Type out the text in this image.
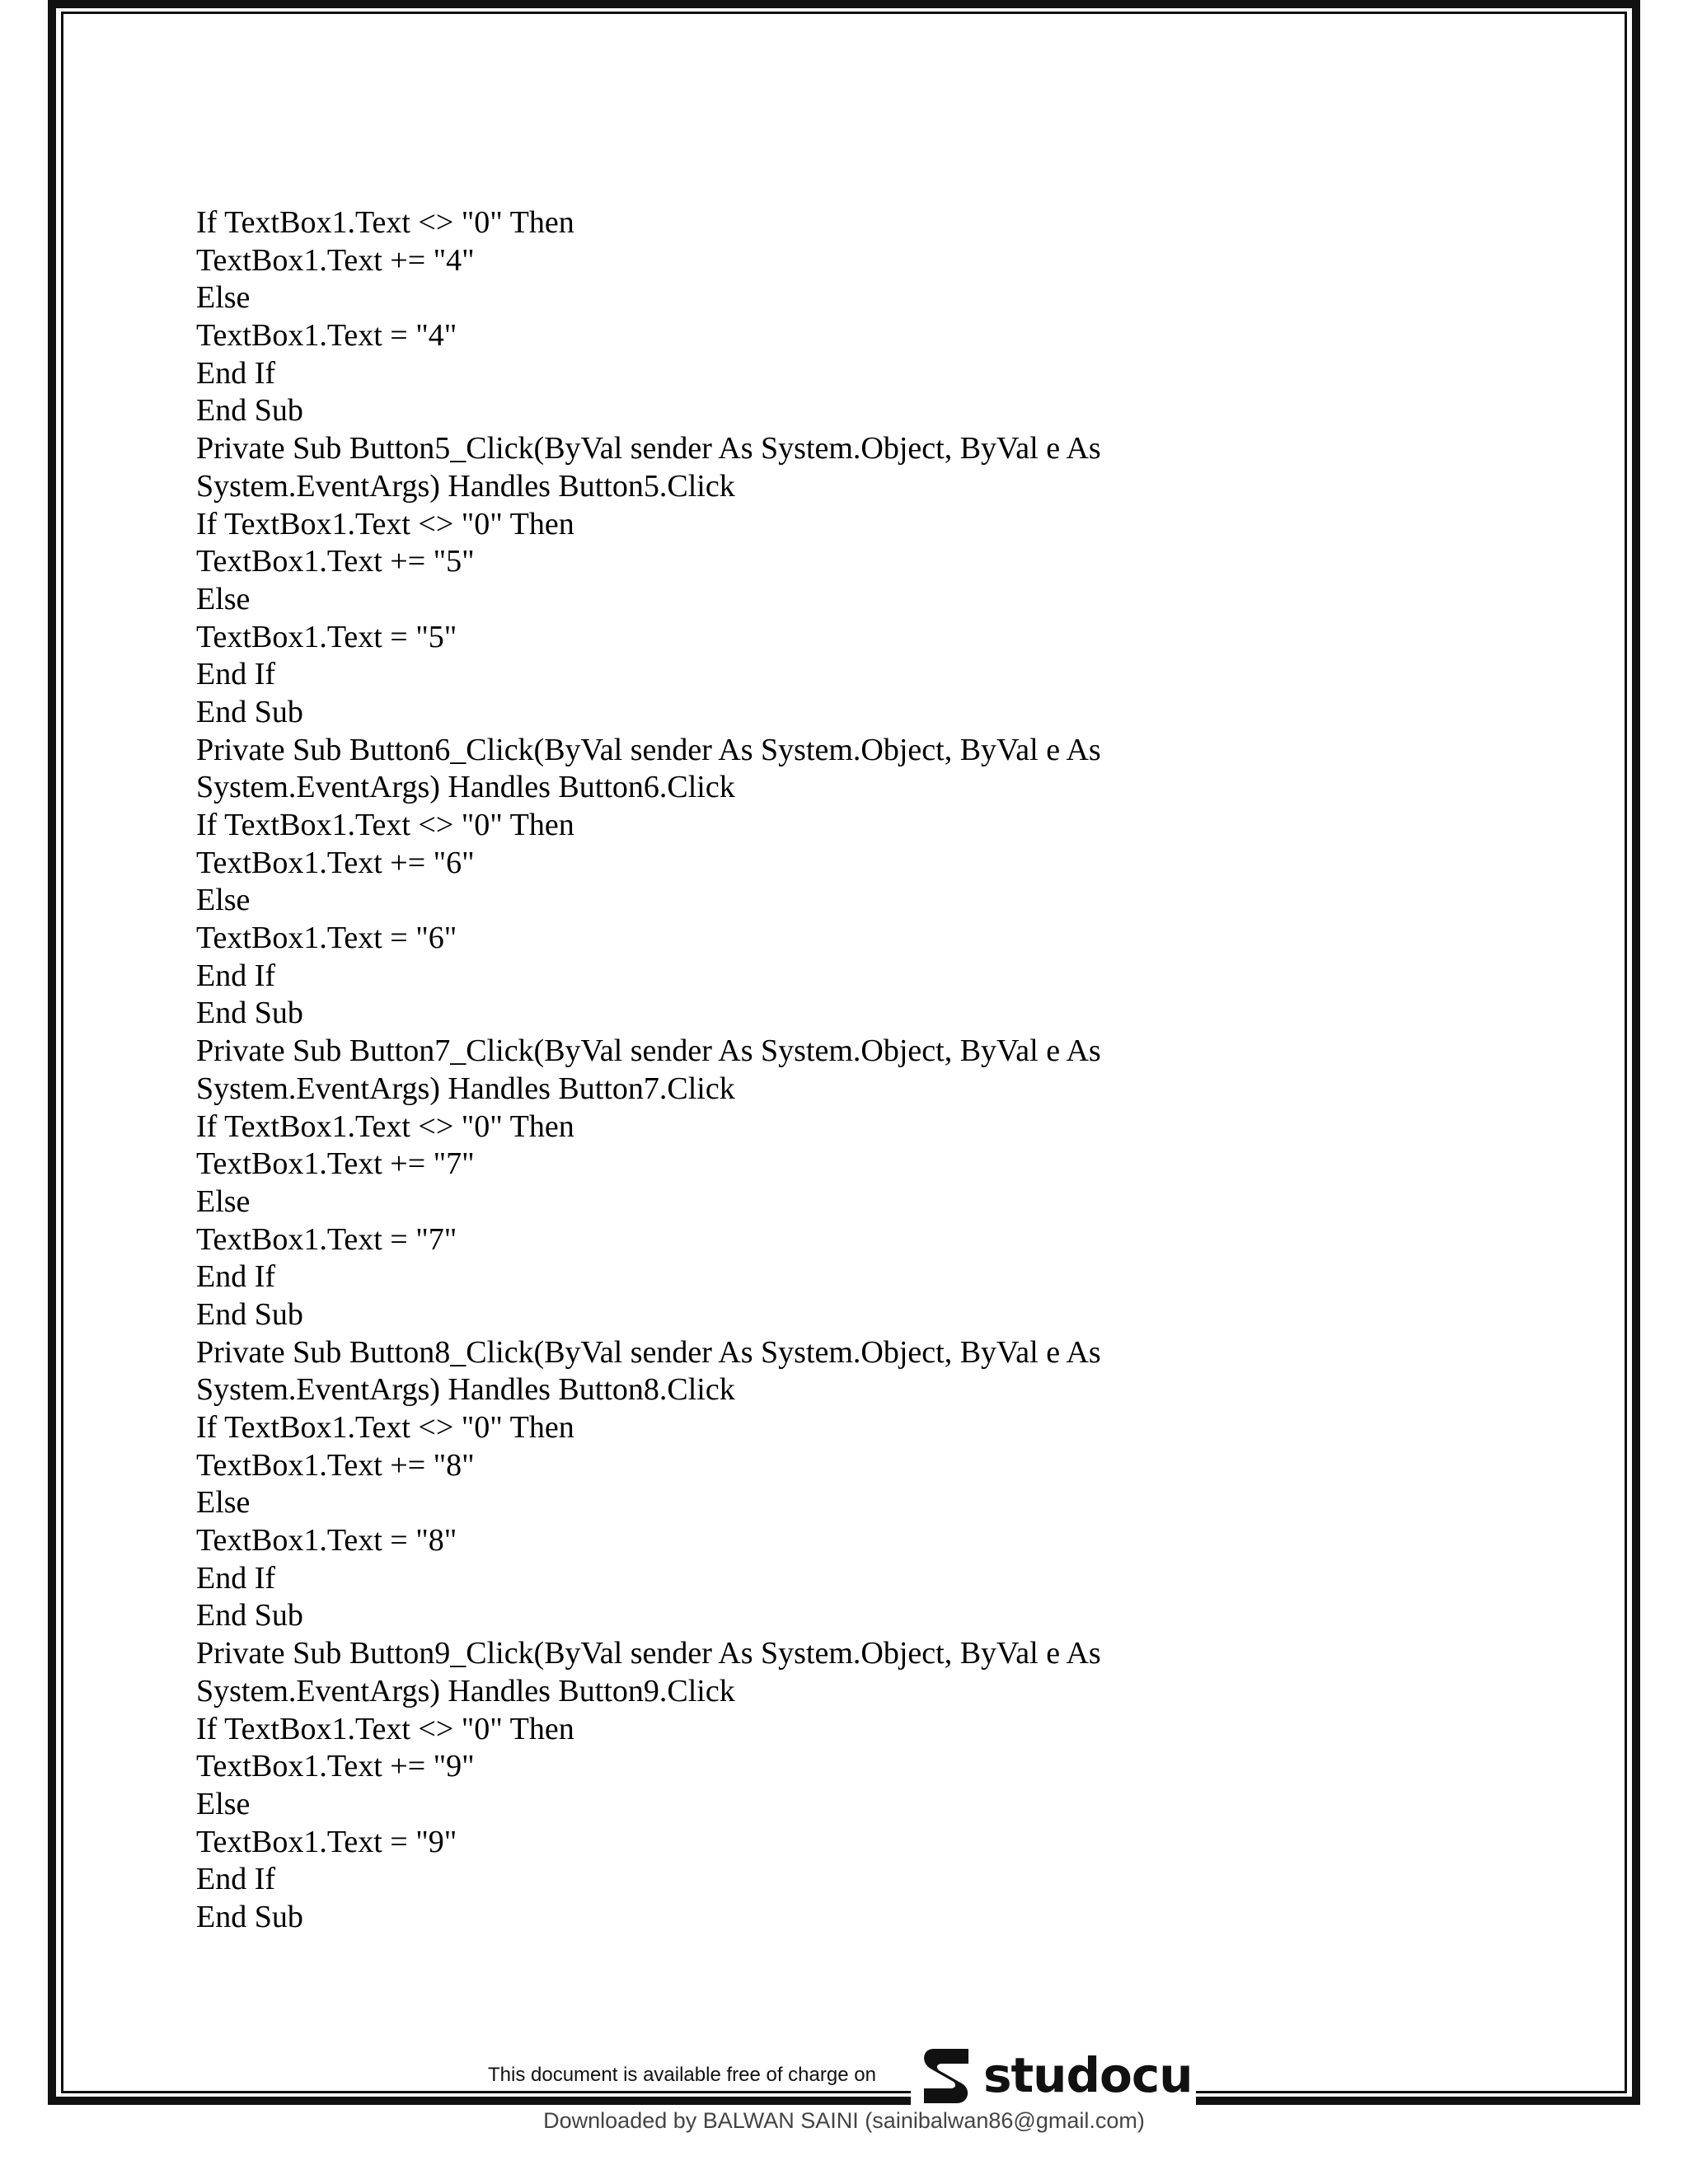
If TextBox1.Text <> "0" Then
TextBox1.Text += "4"
Else
TextBox1.Text = "4"
End If
End Sub
Private Sub Button5_Click(ByVal sender As System.Object, ByVal e As
System.EventArgs) Handles Button5.Click
If TextBox1.Text <> "0" Then
TextBox1.Text += "5"
Else
TextBox1.Text = "5"
End If
End Sub
Private Sub Button6_Click(ByVal sender As System.Object, ByVal e As
System.EventArgs) Handles Button6.Click
If TextBox1.Text <> "0" Then
TextBox1.Text += "6"
Else
TextBox1.Text = "6"
End If
End Sub
Private Sub Button7_Click(ByVal sender As System.Object, ByVal e As
System.EventArgs) Handles Button7.Click
If TextBox1.Text <> "0" Then
TextBox1.Text += "7"
Else
TextBox1.Text = "7"
End If
End Sub
Private Sub Button8_Click(ByVal sender As System.Object, ByVal e As
System.EventArgs) Handles Button8.Click
If TextBox1.Text <> "0" Then
TextBox1.Text += "8"
Else
TextBox1.Text = "8"
End If
End Sub
Private Sub Button9_Click(ByVal sender As System.Object, ByVal e As
System.EventArgs) Handles Button9.Click
If TextBox1.Text <> "0" Then
TextBox1.Text += "9"
Else
TextBox1.Text = "9"
End If
End Sub
This document is available free of charge on studocu
Downloaded by BALWAN SAINI (sainibalwan86@gmail.com)
